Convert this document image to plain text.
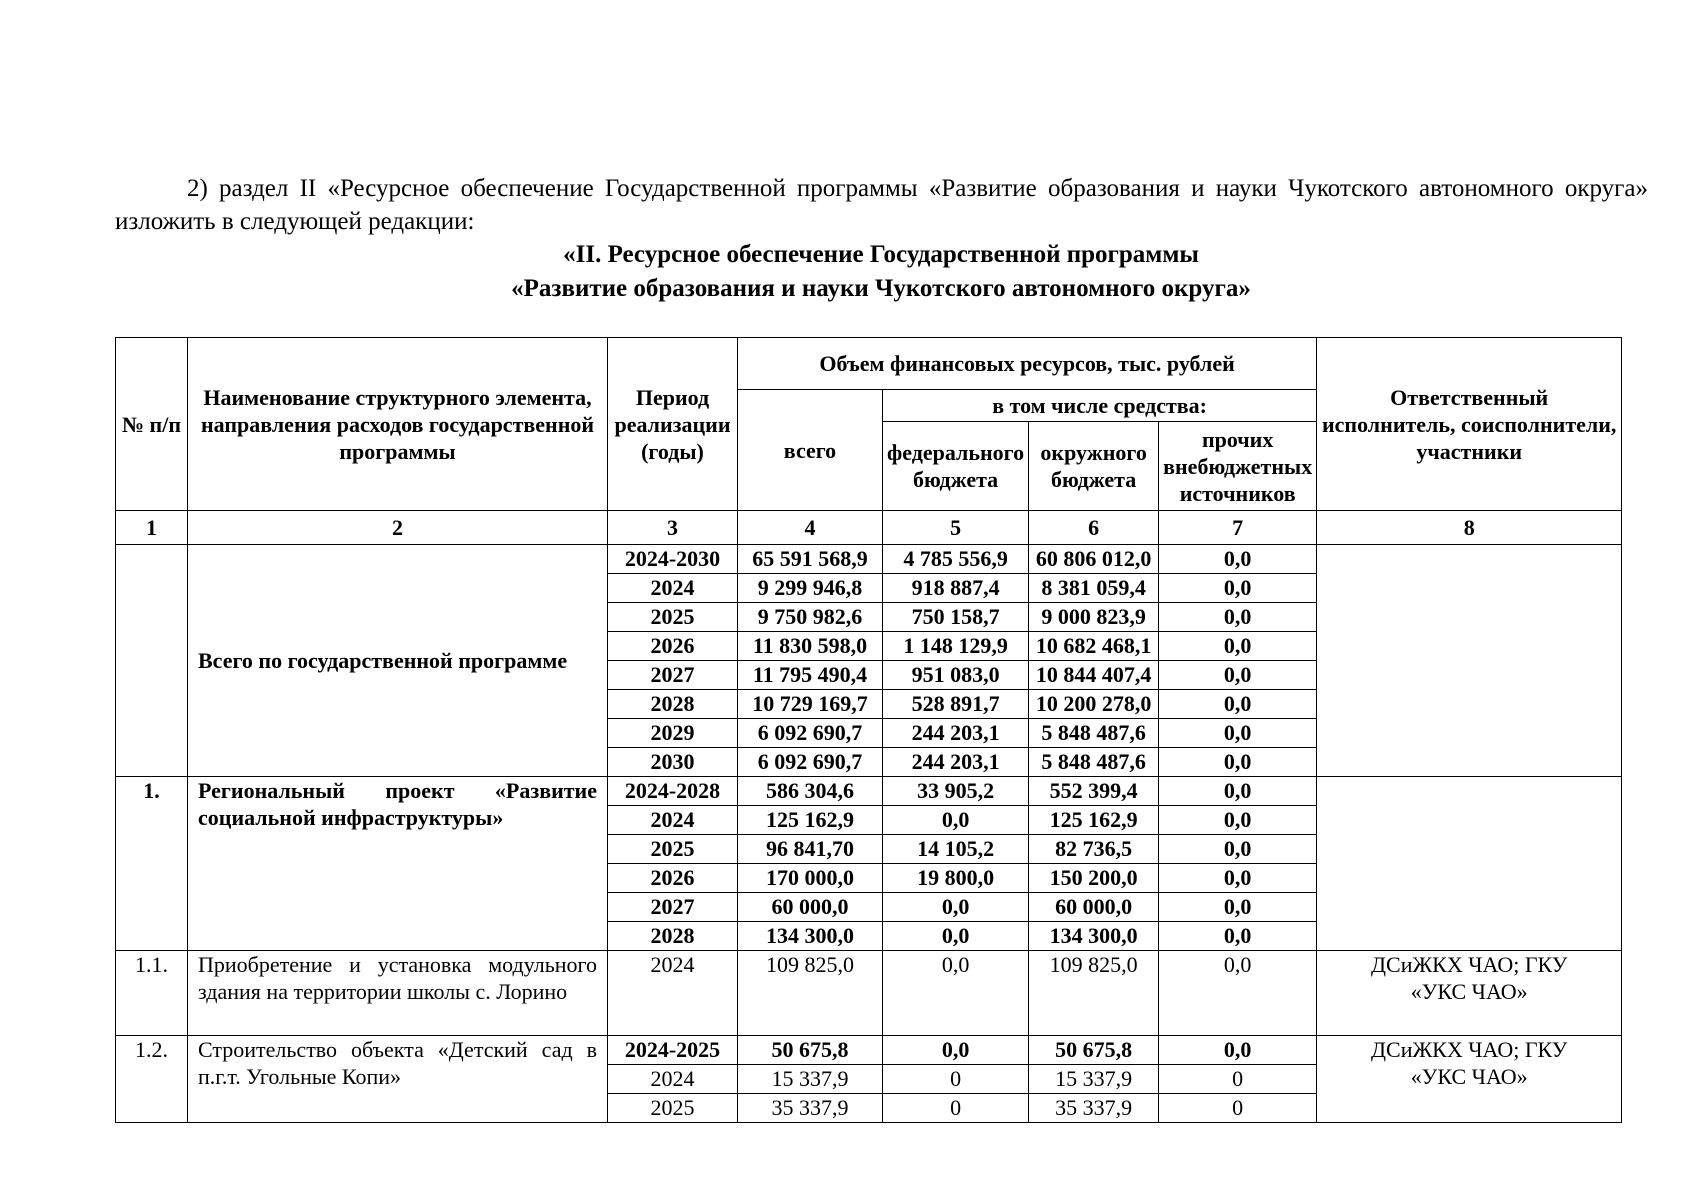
2) раздел II «Ресурсное обеспечение Государственной программы «Развитие образования и науки Чукотского автономного округа» изложить в следующей редакции:

«II. Ресурсное обеспечение Государственной программы

«Развитие образования и науки Чукотского автономного округа»

№ п/п	Наименование структурного элемента, направления расходов государственной программы	Период реализации (годы)	Объем финансовых ресурсов, тыс. рублей				Ответственный исполнитель, соисполнители, участники
			всего	в том числе средства:			
				федерального бюджета	окружного бюджета	прочих внебюджетных источников	
1	2	3	4	5	6	7	8

	Всего по государственной программе	2024-2030	65 591 568,9	4 785 556,9	60 806 012,0	0,0	
		2024	9 299 946,8	918 887,4	8 381 059,4	0,0	
		2025	9 750 982,6	750 158,7	9 000 823,9	0,0	
		2026	11 830 598,0	1 148 129,9	10 682 468,1	0,0	
		2027	11 795 490,4	951 083,0	10 844 407,4	0,0	
		2028	10 729 169,7	528 891,7	10 200 278,0	0,0	
		2029	6 092 690,7	244 203,1	5 848 487,6	0,0	
		2030	6 092 690,7	244 203,1	5 848 487,6	0,0	
1.	Региональный проект «Развитие социальной инфраструктуры»	2024-2028	586 304,6	33 905,2	552 399,4	0,0	
		2024	125 162,9	0,0	125 162,9	0,0	
		2025	96 841,70	14 105,2	82 736,5	0,0	
		2026	170 000,0	19 800,0	150 200,0	0,0	
		2027	60 000,0	0,0	60 000,0	0,0	
		2028	134 300,0	0,0	134 300,0	0,0	
1.1.	Приобретение и установка модульного здания на территории школы с. Лорино	2024	109 825,0	0,0	109 825,0	0,0	ДСиЖКХ ЧАО; ГКУ «УКС ЧАО»
1.2.	Строительство объекта «Детский сад в п.г.т. Угольные Копи»	2024-2025	50 675,8	0,0	50 675,8	0,0	ДСиЖКХ ЧАО; ГКУ «УКС ЧАО»
		2024	15 337,9	0	15 337,9	0	
		2025	35 337,9	0	35 337,9	0	
